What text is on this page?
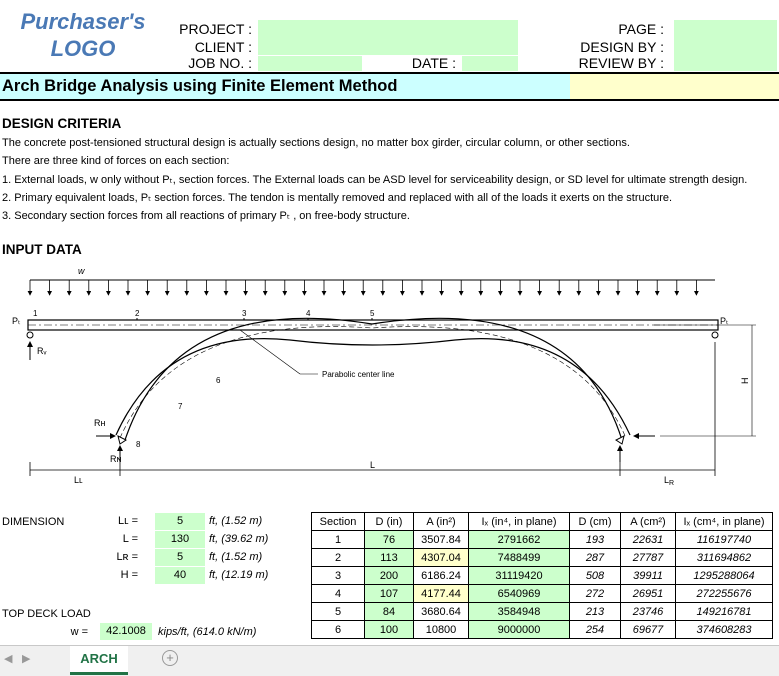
Purchaser's
LOGO
PROJECT :
CLIENT :
JOB NO. :	DATE :
PAGE :
DESIGN BY :
REVIEW BY :
Arch Bridge Analysis using Finite Element Method
DESIGN CRITERIA
The concrete post-tensioned structural design is actually sections design, no matter box girder, circular column, or other sections.
There are three kind of forces on each section:
1. External loads, w only without Pₜ, section forces. The External loads can be ASD level for serviceability design, or SD level for ultimate strength design.
2. Primary equivalent loads, Pₜ section forces. The tendon is mentally removed and replaced with all of the loads it exerts on the structure.
3. Secondary section forces from all reactions of primary Pₜ , on free-body structure.
INPUT DATA
w
Parabolic center line
Pₜ	Pₜ
Rᵥ
Rʜ
Rɴ
1	2	3	4	5
6
7
8
L
Lʟ	$L_R$
H
DIMENSION	Lʟ =	5	ft, (1.52 m)
L =	130	ft, (39.62 m)
Lʀ =	5	ft, (1.52 m)
H =	40	ft, (12.19 m)
TOP DECK LOAD
w =	42.1008	kips/ft, (614.0 kN/m)
Section	D (in)	A (in²)	Iₓ (in⁴, in plane)	D (cm)	A (cm²)	Iₓ (cm⁴, in plane)
1	76	3507.84	2791662	193	22631	116197740
2	113	4307.04	7488499	287	27787	311694862
3	200	6186.24	31119420	508	39911	1295288064
4	107	4177.44	6540969	272	26951	272255676
5	84	3680.64	3584948	213	23746	149216781
6	100	10800	9000000	254	69677	374608283
◀ ▶	ARCH	+
